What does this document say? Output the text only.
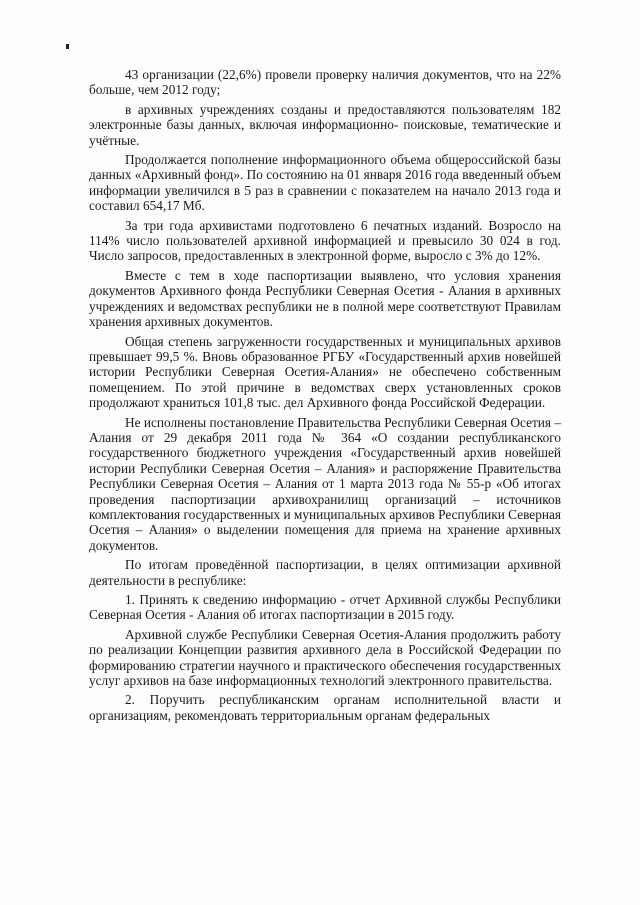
43 организации (22,6%) провели проверку наличия документов, что на 22% больше, чем 2012 году;

в архивных учреждениях созданы и предоставляются пользователям 182 электронные базы данных, включая информационно- поисковые, тематические и учётные.

Продолжается пополнение информационного объема общероссийской базы данных «Архивный фонд». По состоянию на 01 января 2016 года введенный объем информации увеличился в 5 раз в сравнении с показателем на начало 2013 года и составил 654,17 Мб.

За три года архивистами подготовлено 6 печатных изданий. Возросло на 114% число пользователей архивной информацией и превысило 30 024 в год. Число запросов, предоставленных в электронной форме, выросло с 3% до 12%.

Вместе с тем в ходе паспортизации выявлено, что условия хранения документов Архивного фонда Республики Северная Осетия - Алания в архивных учреждениях и ведомствах республики не в полной мере соответствуют Правилам хранения архивных документов.

Общая степень загруженности государственных и муниципальных архивов превышает 99,5 %. Вновь образованное РГБУ «Государственный архив новейшей истории Республики Северная Осетия-Алания» не обеспечено собственным помещением. По этой причине в ведомствах сверх установленных сроков продолжают храниться 101,8 тыс. дел Архивного фонда Российской Федерации.

Не исполнены постановление Правительства Республики Северная Осетия – Алания от 29 декабря 2011 года № 364 «О создании республиканского государственного бюджетного учреждения «Государственный архив новейшей истории Республики Северная Осетия – Алания» и распоряжение Правительства Республики Северная Осетия – Алания от 1 марта 2013 года № 55-р «Об итогах проведения паспортизации архивохранилищ организаций – источников комплектования государственных и муниципальных архивов Республики Северная Осетия – Алания» о выделении помещения для приема на хранение архивных документов.

По итогам проведённой паспортизации, в целях оптимизации архивной деятельности в республике:

1. Принять к сведению информацию - отчет Архивной службы Республики Северная Осетия - Алания об итогах паспортизации в 2015 году.

Архивной службе Республики Северная Осетия-Алания продолжить работу по реализации Концепции развития архивного дела в Российской Федерации по формированию стратегии научного и практического обеспечения государственных услуг архивов на базе информационных технологий электронного правительства.

2. Поручить республиканским органам исполнительной власти и организациям, рекомендовать территориальным органам федеральных
